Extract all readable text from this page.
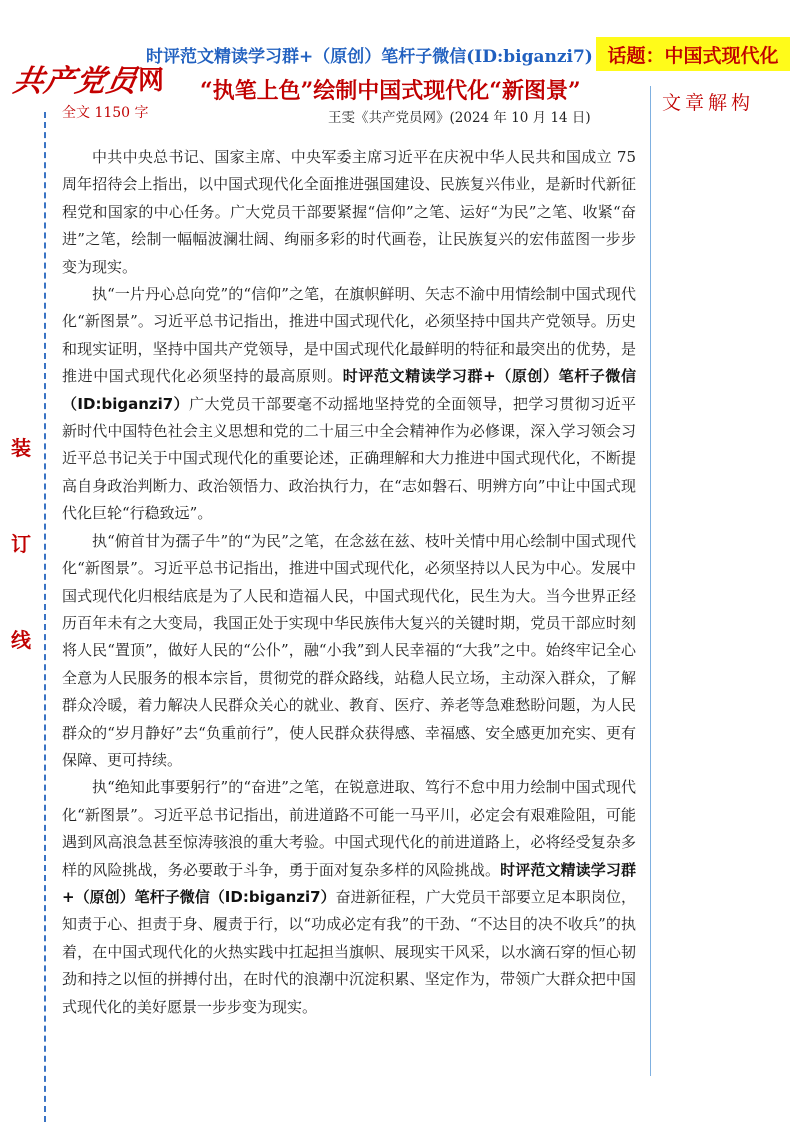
时评范文精读学习群+（原创）笔杆子微信(ID:biganzi7) 话题：中国式现代化
共产党员
网
全文 1150 字
“执笔上色”绘制中国式现代化“新图景”
王雯《共产党员网》(2024 年 10 月 14 日)
文章解构
装
订
线

中共中央总书记、国家主席、中央军委主席习近平在庆祝中华人民共和国成立 75 周年招待会上指出，以中国式现代化全面推进强国建设、民族复兴伟业，是新时代新征程党和国家的中心任务。广大党员干部要紧握“信仰”之笔、运好“为民”之笔、收紧“奋进”之笔，绘制一幅幅波澜壮阔、绚丽多彩的时代画卷，让民族复兴的宏伟蓝图一步步变为现实。

执“一片丹心总向党”的“信仰”之笔，在旗帜鲜明、矢志不渝中用情绘制中国式现代化“新图景”。习近平总书记指出，推进中国式现代化，必须坚持中国共产党领导。历史和现实证明，坚持中国共产党领导，是中国式现代化最鲜明的特征和最突出的优势，是推进中国式现代化必须坚持的最高原则。时评范文精读学习群+（原创）笔杆子微信（ID:biganzi7）广大党员干部要毫不动摇地坚持党的全面领导，把学习贯彻习近平新时代中国特色社会主义思想和党的二十届三中全会精神作为必修课，深入学习领会习近平总书记关于中国式现代化的重要论述，正确理解和大力推进中国式现代化，不断提高自身政治判断力、政治领悟力、政治执行力，在“志如磐石、明辨方向”中让中国式现代化巨轮“行稳致远”。

执“俯首甘为孺子牛”的“为民”之笔，在念兹在兹、枝叶关情中用心绘制中国式现代化“新图景”。习近平总书记指出，推进中国式现代化，必须坚持以人民为中心。发展中国式现代化归根结底是为了人民和造福人民，中国式现代化，民生为大。当今世界正经历百年未有之大变局，我国正处于实现中华民族伟大复兴的关键时期，党员干部应时刻将人民“置顶”，做好人民的“公仆”，融“小我”到人民幸福的“大我”之中。始终牢记全心全意为人民服务的根本宗旨，贯彻党的群众路线，站稳人民立场，主动深入群众，了解群众冷暖，着力解决人民群众关心的就业、教育、医疗、养老等急难愁盼问题，为人民群众的“岁月静好”去“负重前行”，使人民群众获得感、幸福感、安全感更加充实、更有保障、更可持续。

执“绝知此事要躬行”的“奋进”之笔，在锐意进取、笃行不怠中用力绘制中国式现代化“新图景”。习近平总书记指出，前进道路不可能一马平川，必定会有艰难险阻，可能遇到风高浪急甚至惊涛骇浪的重大考验。中国式现代化的前进道路上，必将经受复杂多样的风险挑战，务必要敢于斗争，勇于面对复杂多样的风险挑战。时评范文精读学习群+（原创）笔杆子微信（ID:biganzi7）奋进新征程，广大党员干部要立足本职岗位，知责于心、担责于身、履责于行，以“功成必定有我”的干劲、“不达目的决不收兵”的执着，在中国式现代化的火热实践中扛起担当旗帜、展现实干风采，以水滴石穿的恒心韧劲和持之以恒的拼搏付出，在时代的浪潮中沉淀积累、坚定作为，带领广大群众把中国式现代化的美好愿景一步步变为现实。
